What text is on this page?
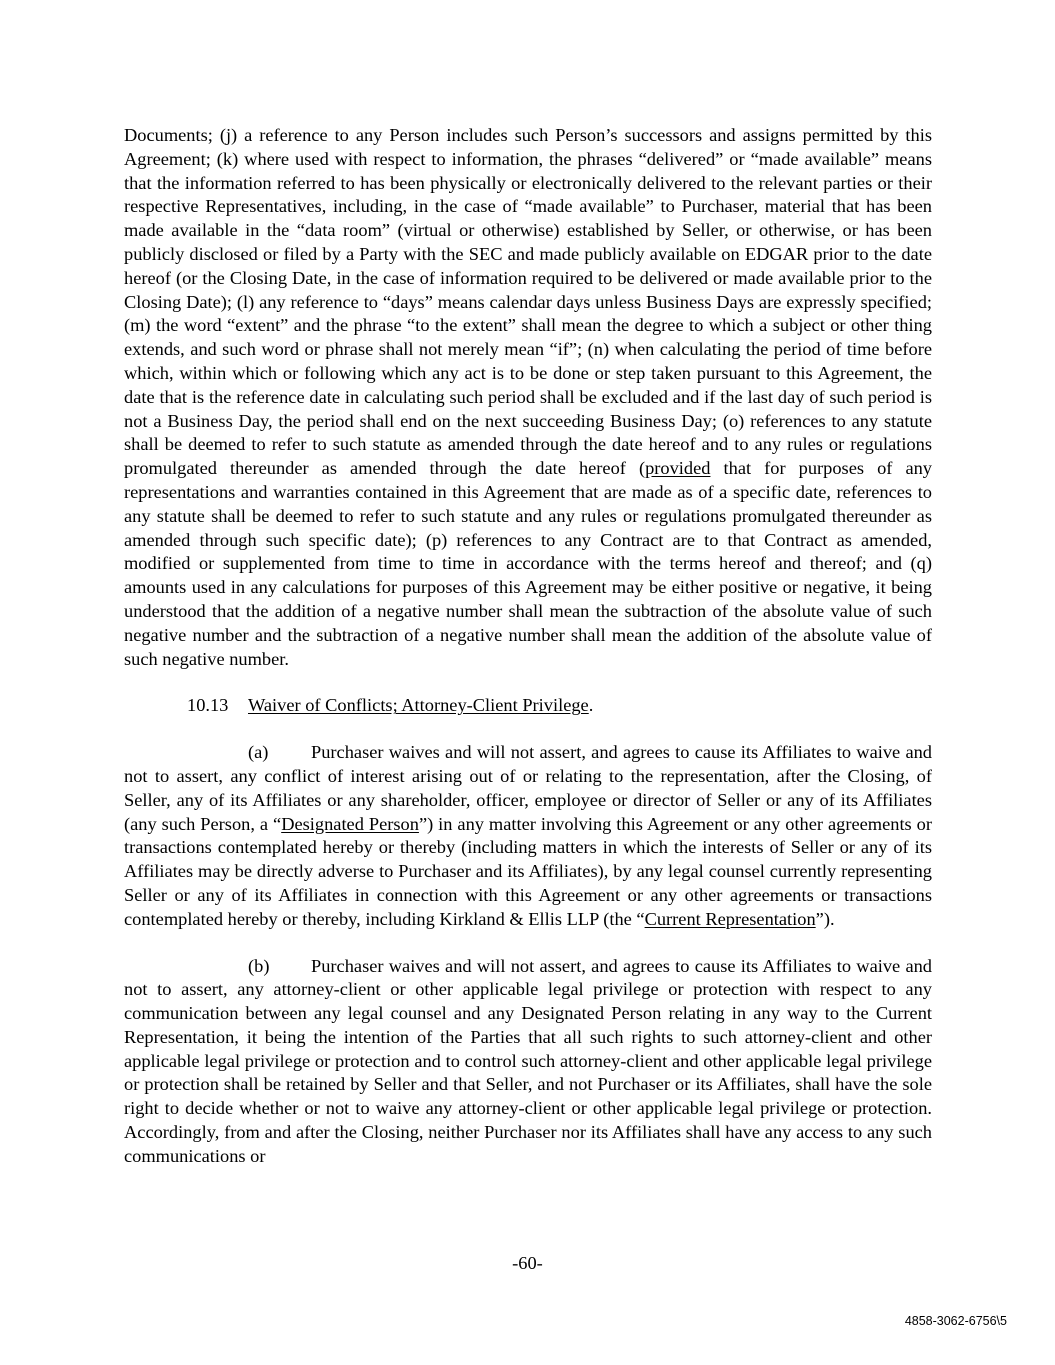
Documents; (j) a reference to any Person includes such Person’s successors and assigns permitted by this Agreement; (k) where used with respect to information, the phrases “delivered” or “made available” means that the information referred to has been physically or electronically delivered to the relevant parties or their respective Representatives, including, in the case of “made available” to Purchaser, material that has been made available in the “data room” (virtual or otherwise) established by Seller, or otherwise, or has been publicly disclosed or filed by a Party with the SEC and made publicly available on EDGAR prior to the date hereof (or the Closing Date, in the case of information required to be delivered or made available prior to the Closing Date); (l) any reference to “days” means calendar days unless Business Days are expressly specified; (m) the word “extent” and the phrase “to the extent” shall mean the degree to which a subject or other thing extends, and such word or phrase shall not merely mean “if”; (n) when calculating the period of time before which, within which or following which any act is to be done or step taken pursuant to this Agreement, the date that is the reference date in calculating such period shall be excluded and if the last day of such period is not a Business Day, the period shall end on the next succeeding Business Day; (o) references to any statute shall be deemed to refer to such statute as amended through the date hereof and to any rules or regulations promulgated thereunder as amended through the date hereof (provided that for purposes of any representations and warranties contained in this Agreement that are made as of a specific date, references to any statute shall be deemed to refer to such statute and any rules or regulations promulgated thereunder as amended through such specific date); (p) references to any Contract are to that Contract as amended, modified or supplemented from time to time in accordance with the terms hereof and thereof; and (q) amounts used in any calculations for purposes of this Agreement may be either positive or negative, it being understood that the addition of a negative number shall mean the subtraction of the absolute value of such negative number and the subtraction of a negative number shall mean the addition of the absolute value of such negative number.

10.13 Waiver of Conflicts; Attorney-Client Privilege.

(a) Purchaser waives and will not assert, and agrees to cause its Affiliates to waive and not to assert, any conflict of interest arising out of or relating to the representation, after the Closing, of Seller, any of its Affiliates or any shareholder, officer, employee or director of Seller or any of its Affiliates (any such Person, a “Designated Person”) in any matter involving this Agreement or any other agreements or transactions contemplated hereby or thereby (including matters in which the interests of Seller or any of its Affiliates may be directly adverse to Purchaser and its Affiliates), by any legal counsel currently representing Seller or any of its Affiliates in connection with this Agreement or any other agreements or transactions contemplated hereby or thereby, including Kirkland & Ellis LLP (the “Current Representation”).

(b) Purchaser waives and will not assert, and agrees to cause its Affiliates to waive and not to assert, any attorney-client or other applicable legal privilege or protection with respect to any communication between any legal counsel and any Designated Person relating in any way to the Current Representation, it being the intention of the Parties that all such rights to such attorney-client and other applicable legal privilege or protection and to control such attorney-client and other applicable legal privilege or protection shall be retained by Seller and that Seller, and not Purchaser or its Affiliates, shall have the sole right to decide whether or not to waive any attorney-client or other applicable legal privilege or protection. Accordingly, from and after the Closing, neither Purchaser nor its Affiliates shall have any access to any such communications or

-60-
4858-3062-6756\5
